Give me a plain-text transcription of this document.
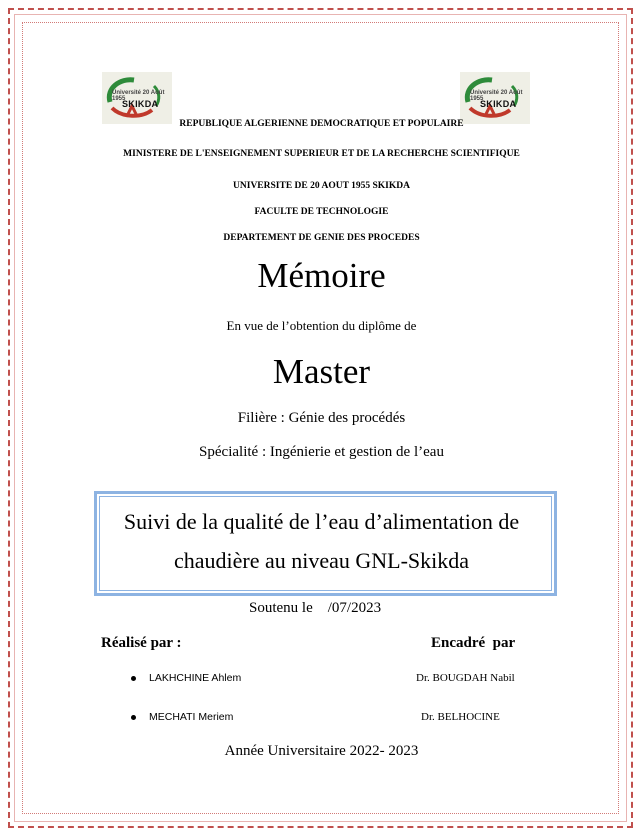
Université 20 Août 1955
SKIKDA
Université 20 Août 1955
SKIKDA
REPUBLIQUE ALGERIENNE DEMOCRATIQUE ET POPULAIRE
MINISTERE DE L'ENSEIGNEMENT SUPERIEUR ET DE LA RECHERCHE SCIENTIFIQUE
UNIVERSITE DE 20 AOUT 1955 SKIKDA
FACULTE DE TECHNOLOGIE
DEPARTEMENT DE GENIE DES PROCEDES
Mémoire
En vue de l’obtention du diplôme de
Master
Filière : Génie des procédés
Spécialité : Ingénierie et gestion de l’eau
Suivi de la qualité de l’eau d’alimentation de
chaudière au niveau GNL-Skikda
Soutenu le    /07/2023
Réalisé par :	Encadré  par
LAKHCHINE Ahlem	Dr. BOUGDAH Nabil
MECHATI Meriem	Dr. BELHOCINE
Année Universitaire 2022- 2023
